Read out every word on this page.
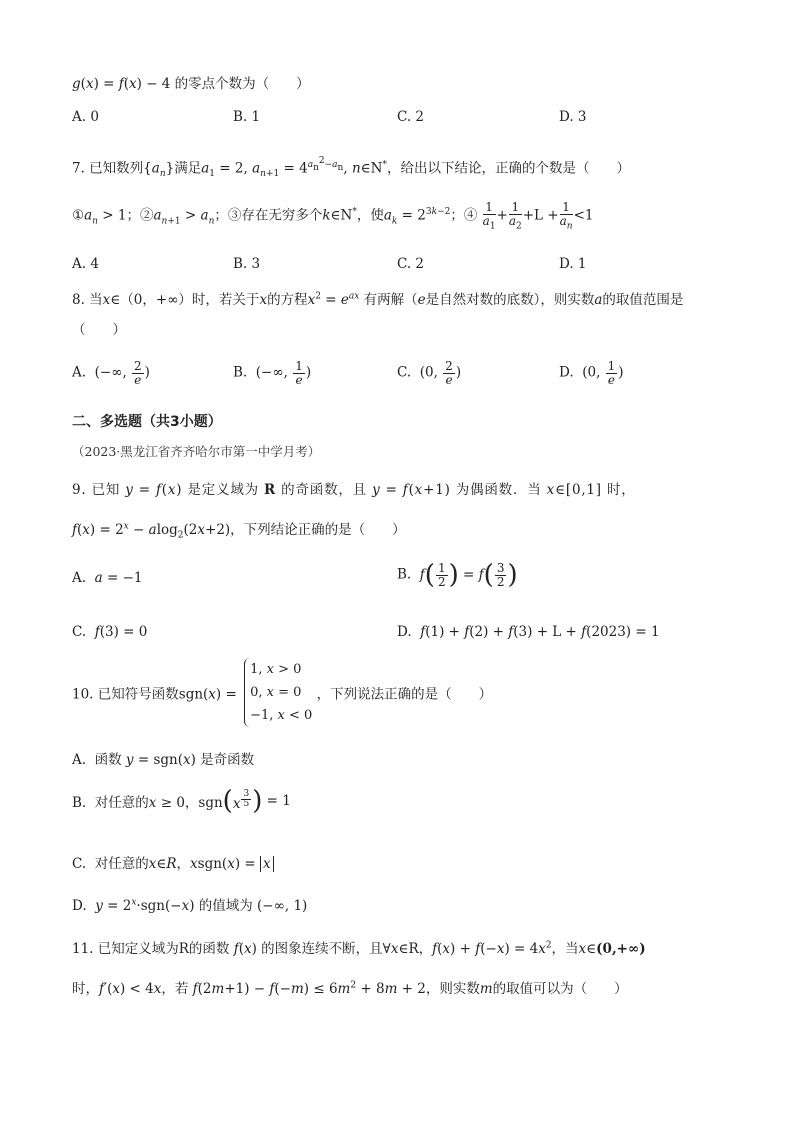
g(x) = f(x) − 4 的零点个数为（　　）
A. 0	B. 1	C. 2	D. 3
7. 已知数列$\{a_n\}$满足$a_1 = 2$, $a_{n+1} = 4^{a_n^2-a_n}$, n∈N*，给出以下结论，正确的个数是（　　）
$①a_n > 1$；$②a_{n+1} > a_n$；③存在无穷多个k∈N*，使$a_k = 2^{3k-2}$；④ $\frac{1}{a_1} + \frac{1}{a_2} +L + \frac{1}{a_n} <1$
A. 4	B. 3	C. 2	D. 1
8. 当x∈（0，+∞）时，若关于x的方程$x^2 = e^{ax}$ 有两解（e是自然对数的底数），则实数a的取值范围是
（　　）
A.  (−∞, $\frac{2}{e}$ )	B.  (−∞, $\frac{1}{e}$ )	C.  (0, $\frac{2}{e}$ )	D.  (0, $\frac{1}{e}$ )
二、多选题（共3小题）
（2023·黑龙江省齐齐哈尔市第一中学月考）
9. 已知 y = f(x) 是定义域为 R 的奇函数，且 y = f(x+1) 为偶函数．当 x∈[0,1] 时，
$f(x) = 2^x - alog_2(2x+2)$，下列结论正确的是（　　）
A.  a = −1	B.  $f( \frac{1}{2}$ ) = $f( \frac{3}{2}$ )
C.  f(3) = 0	D.  f(1) + f(2) + f(3) + L + f(2023) = 1
10. 已知符号函数sgn(x) = 1, x > 0
0, x = 0
−1, x < 0 ，下列说法正确的是（　　）
A.  函数 y = sgn(x) 是奇函数
B.  对任意的x ≥ 0，sgn(x $^{\frac{3}{5}}$ ) = 1
C.  对任意的x∈R，xsgn(x) = x
D.  $y = 2^x\cdot sgn(-x)$ 的值域为 (−∞, 1)
11. 已知定义域为R的函数 f(x) 的图象连续不断，且∀x∈R，$f(x) + f(-x) = 4x^2$，当x∈(0,+∞)
时，f′(x) < 4x，若 $f(2m+1) - f(-m) \le 6m^2 + 8m + 2$，则实数m的取值可以为（　　）
